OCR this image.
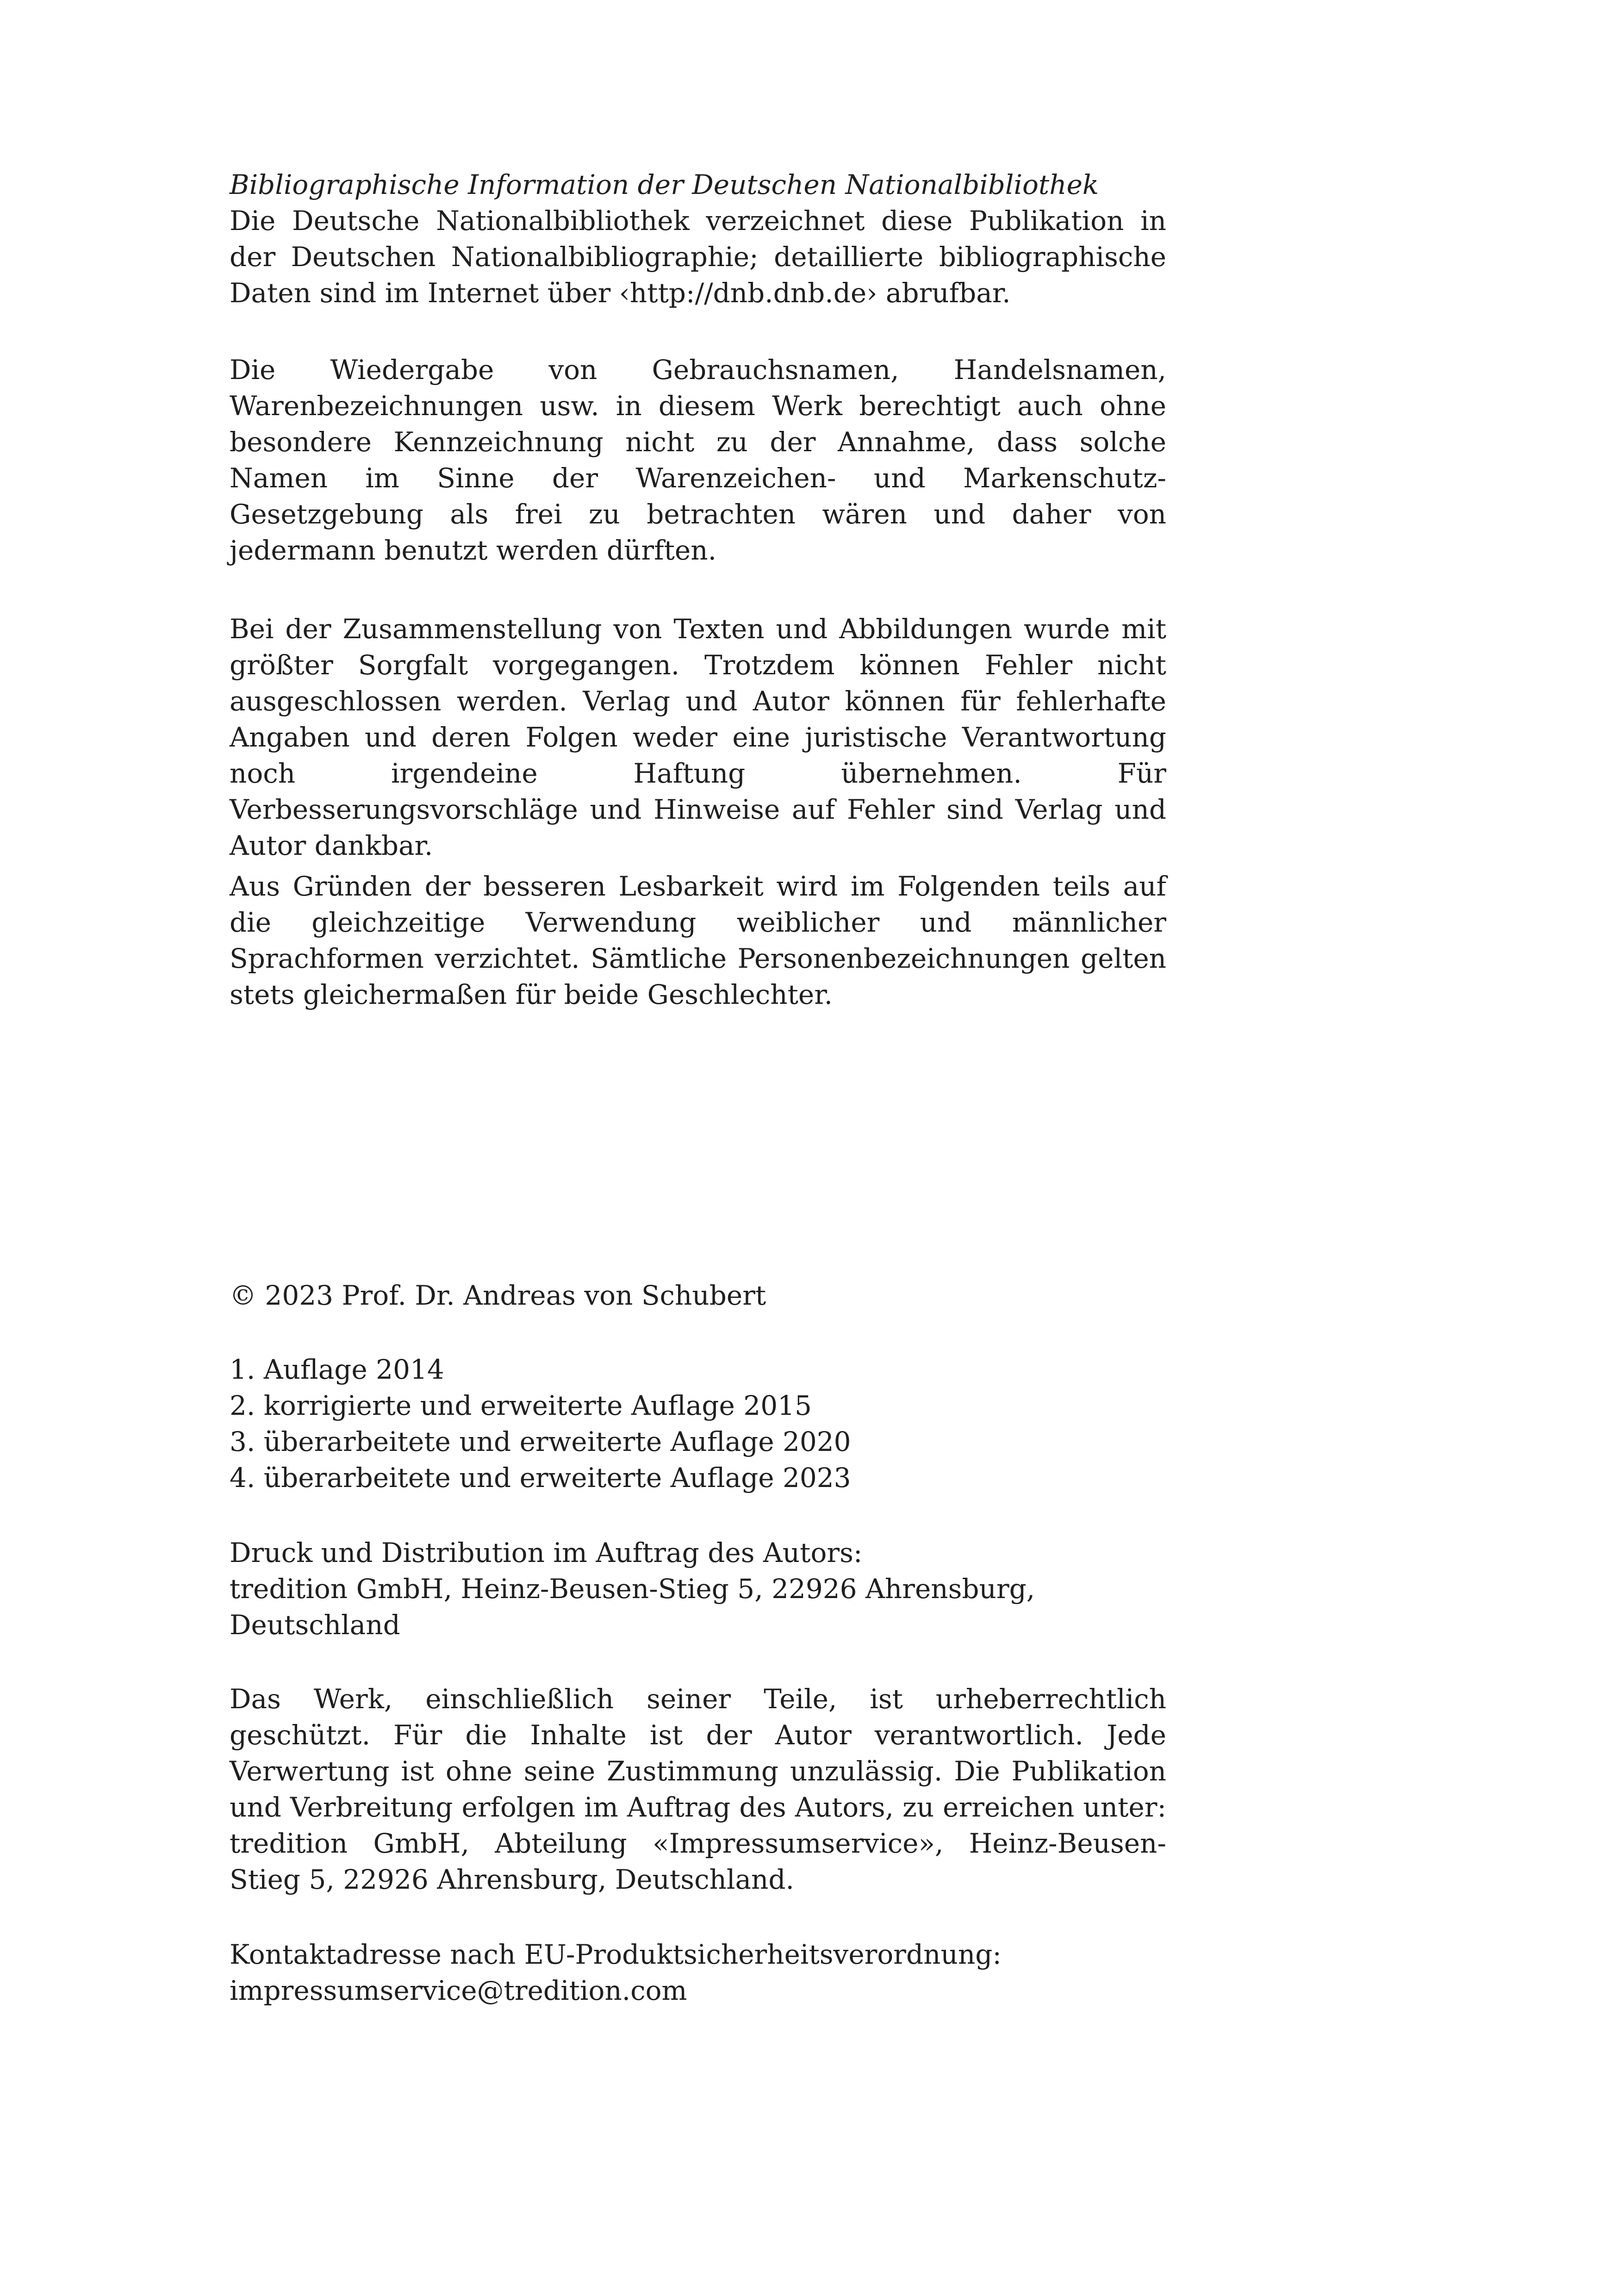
Bibliographische Information der Deutschen Nationalbibliothek

Die Deutsche Nationalbibliothek verzeichnet diese Publikation in der Deutschen Nationalbibliographie; detaillierte bibliographische Daten sind im Internet über ‹http://dnb.dnb.de› abrufbar.

Die Wiedergabe von Gebrauchsnamen, Handelsnamen, Warenbezeichnungen usw. in diesem Werk berechtigt auch ohne besondere Kennzeichnung nicht zu der Annahme, dass solche Namen im Sinne der Warenzeichen- und Markenschutz-Gesetzgebung als frei zu betrachten wären und daher von jedermann benutzt werden dürften.

Bei der Zusammenstellung von Texten und Abbildungen wurde mit größter Sorgfalt vorgegangen. Trotzdem können Fehler nicht ausgeschlossen werden. Verlag und Autor können für fehlerhafte Angaben und deren Folgen weder eine juristische Verantwortung noch irgendeine Haftung übernehmen. Für Verbesserungsvorschläge und Hinweise auf Fehler sind Verlag und Autor dankbar.

Aus Gründen der besseren Lesbarkeit wird im Folgenden teils auf die gleichzeitige Verwendung weiblicher und männlicher Sprachformen verzichtet. Sämtliche Personenbezeichnungen gelten stets gleichermaßen für beide Geschlechter.

© 2023 Prof. Dr. Andreas von Schubert
1. Auflage 2014
2. korrigierte und erweiterte Auflage 2015
3. überarbeitete und erweiterte Auflage 2020
4. überarbeitete und erweiterte Auflage 2023
Druck und Distribution im Auftrag des Autors:
tredition GmbH, Heinz-Beusen-Stieg 5, 22926 Ahrensburg,
Deutschland

Das Werk, einschließlich seiner Teile, ist urheberrechtlich geschützt. Für die Inhalte ist der Autor verantwortlich. Jede Verwertung ist ohne seine Zustimmung unzulässig. Die Publikation und Verbreitung erfolgen im Auftrag des Autors, zu erreichen unter: tredition GmbH, Abteilung «Impressumservice», Heinz-Beusen-Stieg 5, 22926 Ahrensburg, Deutschland.

Kontaktadresse nach EU-Produktsicherheitsverordnung:
impressumservice@tredition.com
